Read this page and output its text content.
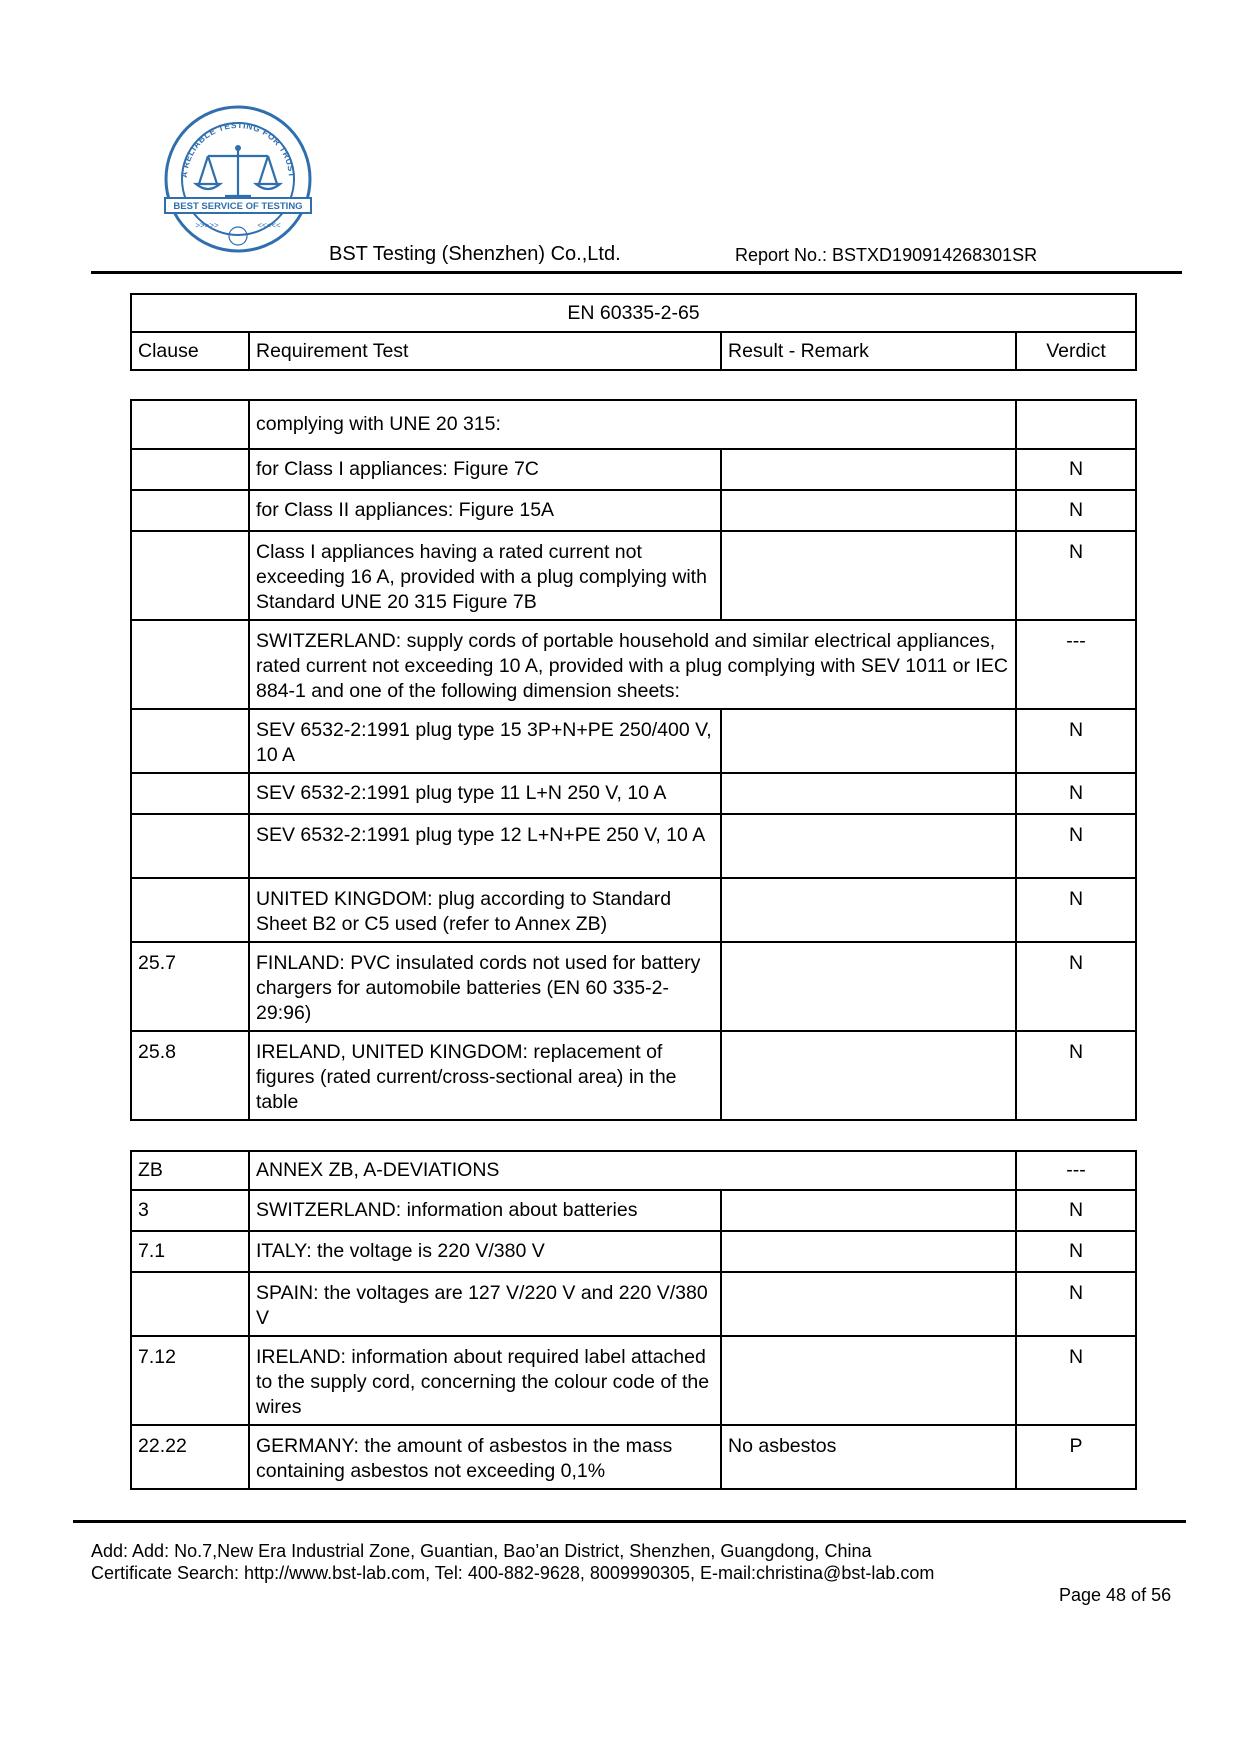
A RELIABLE TESTING FOR TRUST
BEST SERVICE OF TESTING
>>>>>	<<<<<
BST Testing (Shenzhen) Co.,Ltd.	Report No.: BSTXD190914268301SR
EN 60335-2-65
Clause	Requirement Test	Result - Remark	Verdict
	complying with UNE 20 315:		
	for Class I appliances: Figure 7C		N
	for Class II appliances: Figure 15A		N
	Class I appliances having a rated current not exceeding 16 A, provided with a plug complying with Standard UNE 20 315 Figure 7B		N
	SWITZERLAND: supply cords of portable household and similar electrical appliances, rated current not exceeding 10 A, provided with a plug complying with SEV 1011 or IEC 884-1 and one of the following dimension sheets:		---
	SEV 6532-2:1991 plug type 15 3P+N+PE 250/400 V, 10 A		N
	SEV 6532-2:1991 plug type 11 L+N 250 V, 10 A		N
	SEV 6532-2:1991 plug type 12 L+N+PE 250 V, 10 A		N
	UNITED KINGDOM: plug according to Standard Sheet B2 or C5 used (refer to Annex ZB)		N
25.7	FINLAND: PVC insulated cords not used for battery chargers for automobile batteries (EN 60 335-2-29:96)		N
25.8	IRELAND, UNITED KINGDOM: replacement of figures (rated current/cross-sectional area) in the table		N
ZB	ANNEX ZB, A-DEVIATIONS		---
3	SWITZERLAND: information about batteries		N
7.1	ITALY: the voltage is 220 V/380 V		N
	SPAIN: the voltages are 127 V/220 V and 220 V/380 V		N
7.12	IRELAND: information about required label attached to the supply cord, concerning the colour code of the wires		N
22.22	GERMANY: the amount of asbestos in the mass containing asbestos not exceeding 0,1%	No asbestos	P
Add: Add: No.7,New Era Industrial Zone, Guantian, Bao’an District, Shenzhen, Guangdong, China
Certificate Search: http://www.bst-lab.com, Tel: 400-882-9628, 8009990305, E-mail:christina@bst-lab.com
Page 48 of 56
